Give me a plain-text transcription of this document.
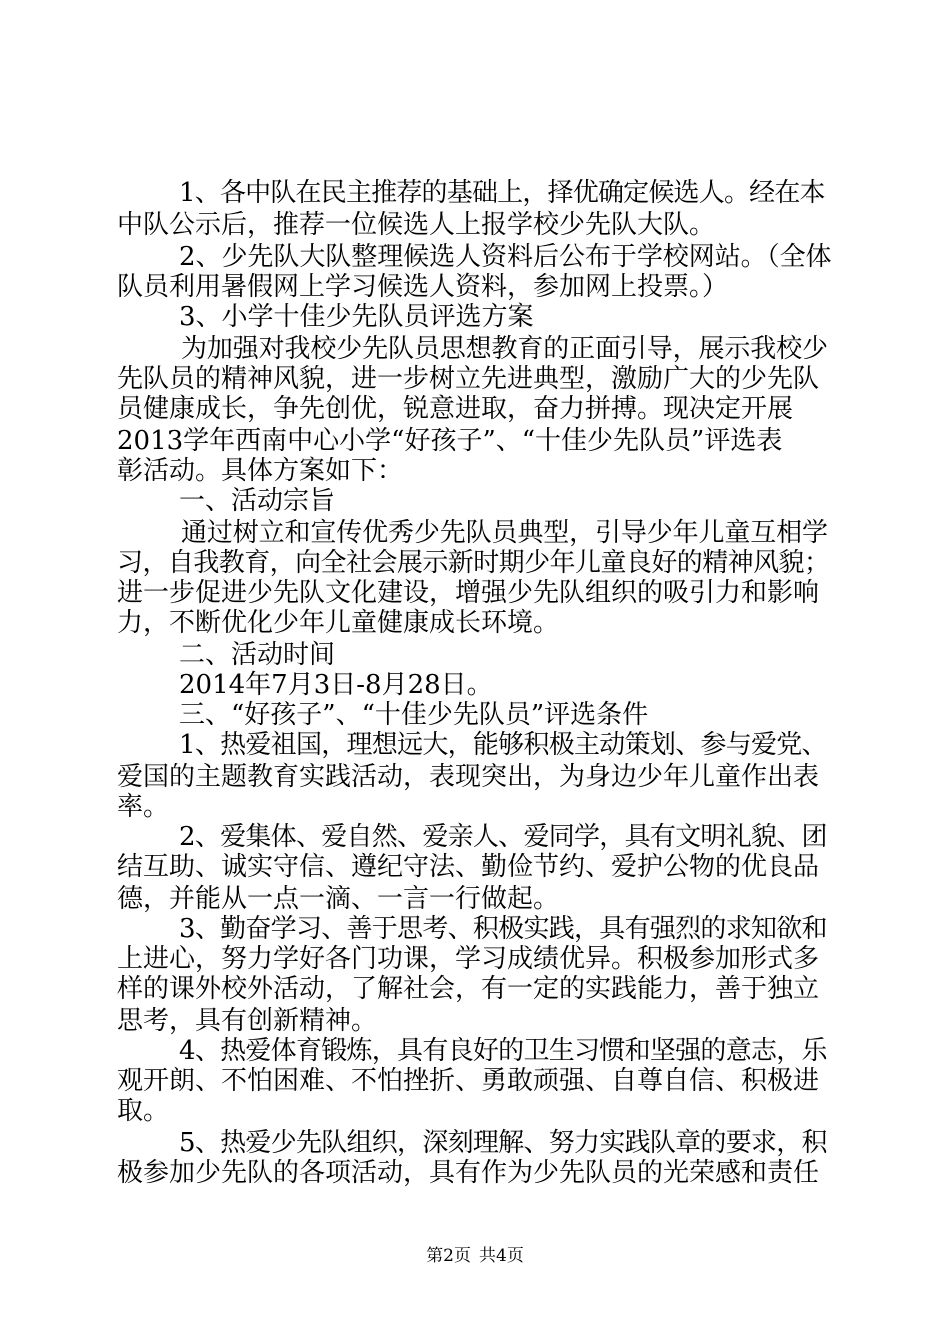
1、各中队在民主推荐的基础上，择优确定候选人。经在本
中队公示后，推荐一位候选人上报学校少先队大队。
2、少先队大队整理候选人资料后公布于学校网站。（全体
队员利用暑假网上学习候选人资料，参加网上投票。）
3、小学十佳少先队员评选方案
为加强对我校少先队员思想教育的正面引导，展示我校少
先队员的精神风貌，进一步树立先进典型，激励广大的少先队
员健康成长，争先创优，锐意进取，奋力拼搏。现决定开展
2013学年西南中心小学“好孩子”、“十佳少先队员”评选表
彰活动。具体方案如下：
一、活动宗旨
通过树立和宣传优秀少先队员典型，引导少年儿童互相学
习，自我教育，向全社会展示新时期少年儿童良好的精神风貌；
进一步促进少先队文化建设，增强少先队组织的吸引力和影响
力，不断优化少年儿童健康成长环境。
二、活动时间
2014年7月3日-8月28日。
三、“好孩子”、“十佳少先队员”评选条件
1、热爱祖国，理想远大，能够积极主动策划、参与爱党、
爱国的主题教育实践活动，表现突出，为身边少年儿童作出表
率。
2、爱集体、爱自然、爱亲人、爱同学，具有文明礼貌、团
结互助、诚实守信、遵纪守法、勤俭节约、爱护公物的优良品
德，并能从一点一滴、一言一行做起。
3、勤奋学习、善于思考、积极实践，具有强烈的求知欲和
上进心，努力学好各门功课，学习成绩优异。积极参加形式多
样的课外校外活动，了解社会，有一定的实践能力，善于独立
思考，具有创新精神。
4、热爱体育锻炼，具有良好的卫生习惯和坚强的意志，乐
观开朗、不怕困难、不怕挫折、勇敢顽强、自尊自信、积极进
取。
5、热爱少先队组织，深刻理解、努力实践队章的要求，积
极参加少先队的各项活动，具有作为少先队员的光荣感和责任
第2页 共4页
